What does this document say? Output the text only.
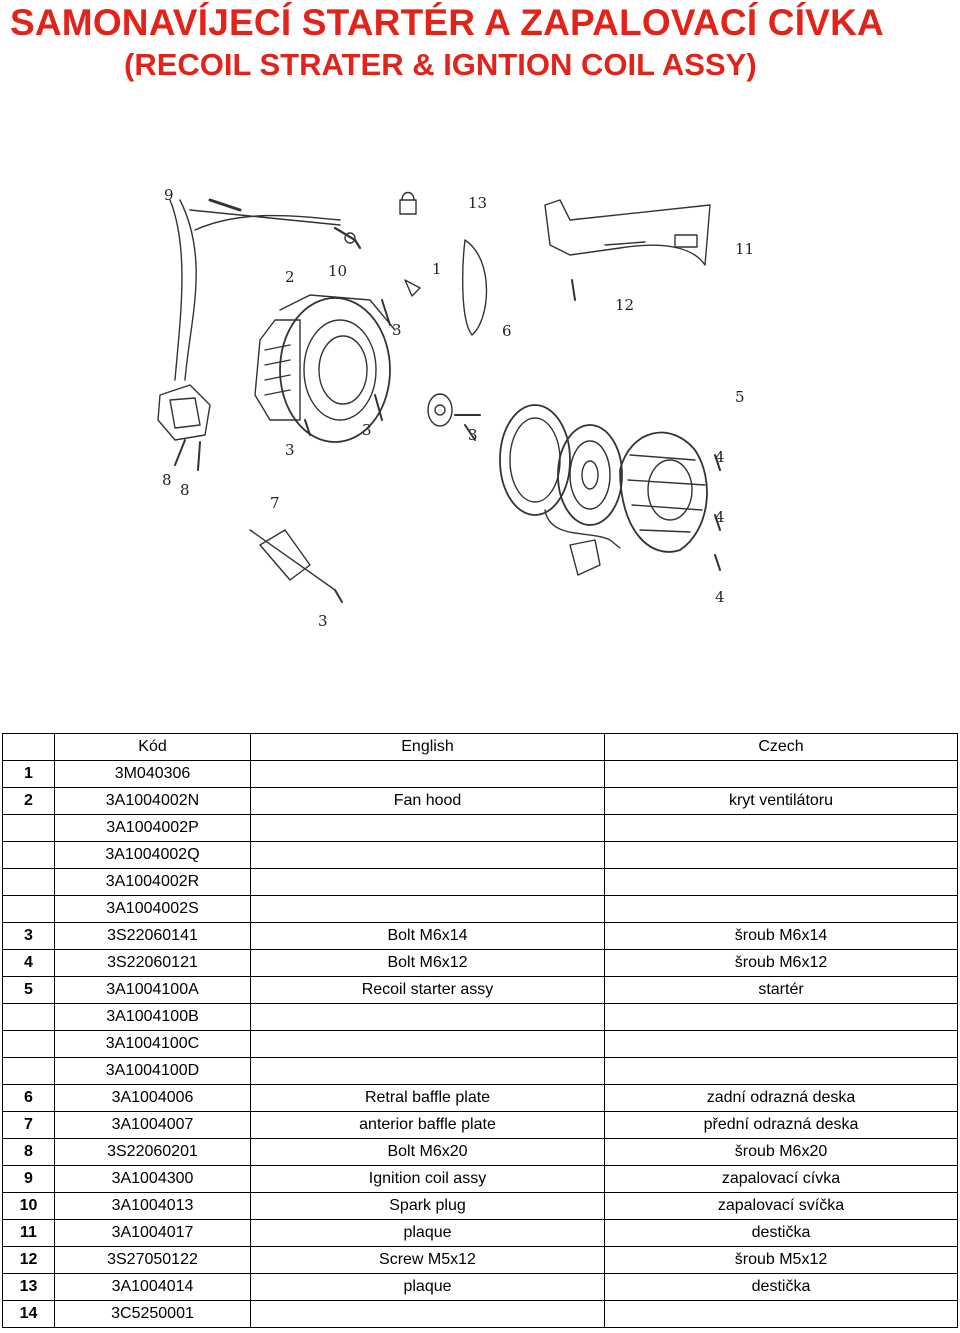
SAMONAVÍJECÍ STARTÉR A ZAPALOVACÍ CÍVKA
(RECOIL STRATER & IGNTION COIL ASSY)
9	13
11
2 10	1
3
12
6
5
3
3
3
4
4
8
8
7
4
3
	Kód	English	Czech
1	3M040306		
2	3A1004002N	Fan hood	kryt ventilátoru
	3A1004002P		
	3A1004002Q		
	3A1004002R		
	3A1004002S		
3	3S22060141	Bolt M6x14	šroub M6x14
4	3S22060121	Bolt M6x12	šroub M6x12
5	3A1004100A	Recoil starter assy	startér
	3A1004100B		
	3A1004100C		
	3A1004100D		
6	3A1004006	Retral baffle plate	zadní odrazná deska
7	3A1004007	anterior baffle plate	přední odrazná deska
8	3S22060201	Bolt M6x20	šroub M6x20
9	3A1004300	Ignition coil assy	zapalovací cívka
10	3A1004013	Spark plug	zapalovací svíčka
11	3A1004017	plaque	destička
12	3S27050122	Screw M5x12	šroub M5x12
13	3A1004014	plaque	destička
14	3C5250001		
